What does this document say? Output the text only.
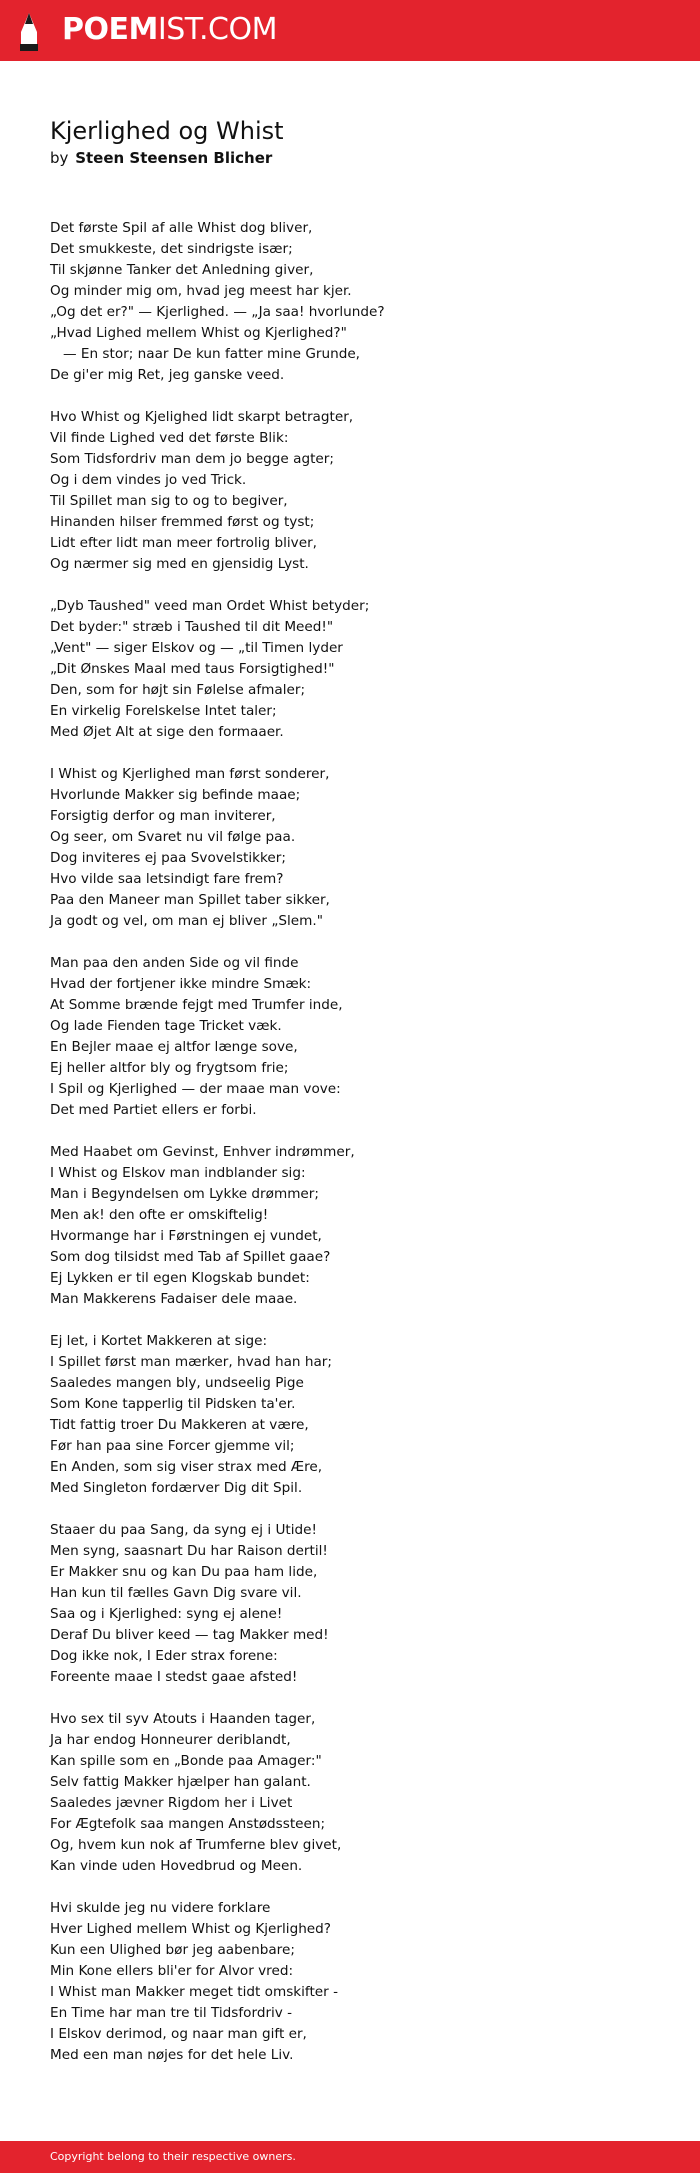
POEMIST.COM
Kjerlighed og Whist
by Steen Steensen Blicher
Det første Spil af alle Whist dog bliver,
Det smukkeste, det sindrigste især;
Til skjønne Tanker det Anledning giver,
Og minder mig om, hvad jeg meest har kjer.
„Og det er?" — Kjerlighed. — „Ja saa! hvorlunde?
„Hvad Lighed mellem Whist og Kjerlighed?"
— En stor; naar De kun fatter mine Grunde,
De gi'er mig Ret, jeg ganske veed.
Hvo Whist og Kjelighed lidt skarpt betragter,
Vil finde Lighed ved det første Blik:
Som Tidsfordriv man dem jo begge agter;
Og i dem vindes jo ved Trick.
Til Spillet man sig to og to begiver,
Hinanden hilser fremmed først og tyst;
Lidt efter lidt man meer fortrolig bliver,
Og nærmer sig med en gjensidig Lyst.
„Dyb Taushed" veed man Ordet Whist betyder;
Det byder:" stræb i Taushed til dit Meed!"
„Vent" — siger Elskov og — „til Timen lyder
„Dit Ønskes Maal med taus Forsigtighed!"
Den, som for højt sin Følelse afmaler;
En virkelig Forelskelse Intet taler;
Med Øjet Alt at sige den formaaer.
I Whist og Kjerlighed man først sonderer,
Hvorlunde Makker sig befinde maae;
Forsigtig derfor og man inviterer,
Og seer, om Svaret nu vil følge paa.
Dog inviteres ej paa Svovelstikker;
Hvo vilde saa letsindigt fare frem?
Paa den Maneer man Spillet taber sikker,
Ja godt og vel, om man ej bliver „Slem."
Man paa den anden Side og vil finde
Hvad der fortjener ikke mindre Smæk:
At Somme brænde fejgt med Trumfer inde,
Og lade Fienden tage Tricket væk.
En Bejler maae ej altfor længe sove,
Ej heller altfor bly og frygtsom frie;
I Spil og Kjerlighed — der maae man vove:
Det med Partiet ellers er forbi.
Med Haabet om Gevinst, Enhver indrømmer,
I Whist og Elskov man indblander sig:
Man i Begyndelsen om Lykke drømmer;
Men ak! den ofte er omskiftelig!
Hvormange har i Førstningen ej vundet,
Som dog tilsidst med Tab af Spillet gaae?
Ej Lykken er til egen Klogskab bundet:
Man Makkerens Fadaiser dele maae.
Ej let, i Kortet Makkeren at sige:
I Spillet først man mærker, hvad han har;
Saaledes mangen bly, undseelig Pige
Som Kone tapperlig til Pidsken ta'er.
Tidt fattig troer Du Makkeren at være,
Før han paa sine Forcer gjemme vil;
En Anden, som sig viser strax med Ære,
Med Singleton fordærver Dig dit Spil.
Staaer du paa Sang, da syng ej i Utide!
Men syng, saasnart Du har Raison dertil!
Er Makker snu og kan Du paa ham lide,
Han kun til fælles Gavn Dig svare vil.
Saa og i Kjerlighed: syng ej alene!
Deraf Du bliver keed — tag Makker med!
Dog ikke nok, I Eder strax forene:
Foreente maae I stedst gaae afsted!
Hvo sex til syv Atouts i Haanden tager,
Ja har endog Honneurer deriblandt,
Kan spille som en „Bonde paa Amager:"
Selv fattig Makker hjælper han galant.
Saaledes jævner Rigdom her i Livet
For Ægtefolk saa mangen Anstødssteen;
Og, hvem kun nok af Trumferne blev givet,
Kan vinde uden Hovedbrud og Meen.
Hvi skulde jeg nu videre forklare
Hver Lighed mellem Whist og Kjerlighed?
Kun een Ulighed bør jeg aabenbare;
Min Kone ellers bli'er for Alvor vred:
I Whist man Makker meget tidt omskifter -
En Time har man tre til Tidsfordriv -
I Elskov derimod, og naar man gift er,
Med een man nøjes for det hele Liv.
Copyright belong to their respective owners.
